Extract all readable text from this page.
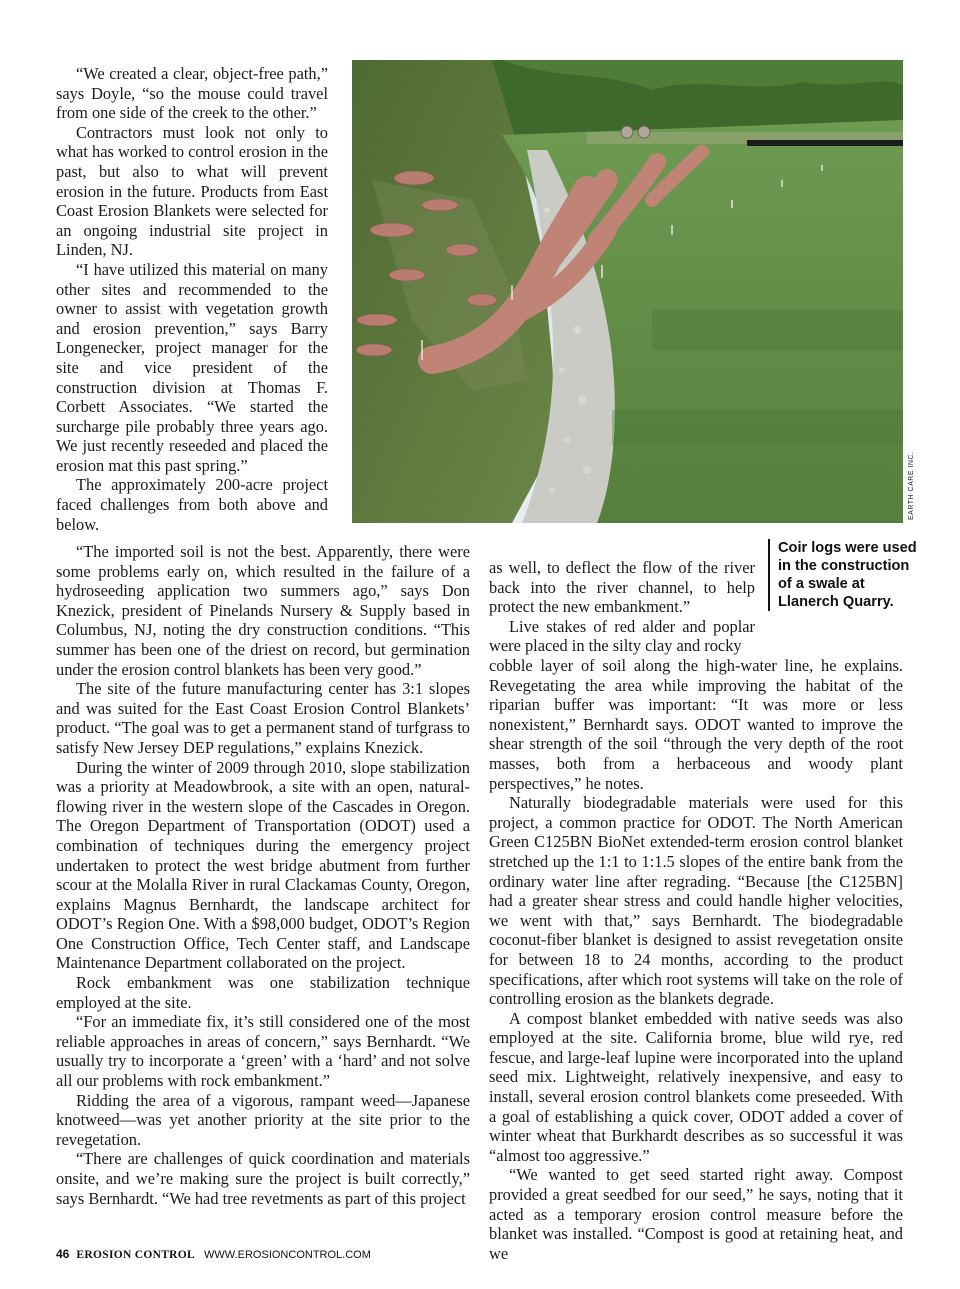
“We created a clear, object-free path,” says Doyle, “so the mouse could travel from one side of the creek to the other.”

Contractors must look not only to what has worked to control erosion in the past, but also to what will prevent erosion in the future. Products from East Coast Erosion Blankets were selected for an ongoing industrial site project in Linden, NJ.

“I have utilized this material on many other sites and recommended to the owner to assist with vegetation growth and erosion prevention,” says Barry Longenecker, project manager for the site and vice president of the construction division at Thomas F. Corbett Associates. “We started the surcharge pile probably three years ago. We just recently reseeded and placed the erosion mat this past spring.”

The approximately 200-acre project faced challenges from both above and below.

EARTH CARE INC.
Coir logs were used in the construction of a swale at Llanerch Quarry.

“The imported soil is not the best. Apparently, there were some problems early on, which resulted in the failure of a hydroseeding application two summers ago,” says Don Knezick, president of Pinelands Nursery & Supply based in Columbus, NJ, noting the dry construction conditions. “This summer has been one of the driest on record, but germination under the erosion control blankets has been very good.”

The site of the future manufacturing center has 3:1 slopes and was suited for the East Coast Erosion Control Blankets’ product. “The goal was to get a permanent stand of turfgrass to satisfy New Jersey DEP regulations,” explains Knezick.

During the winter of 2009 through 2010, slope stabilization was a priority at Meadowbrook, a site with an open, natural-flowing river in the western slope of the Cascades in Oregon. The Oregon Department of Transportation (ODOT) used a combination of techniques during the emergency project undertaken to protect the west bridge abutment from further scour at the Molalla River in rural Clackamas County, Oregon, explains Magnus Bernhardt, the landscape architect for ODOT’s Region One. With a $98,000 budget, ODOT’s Region One Construction Office, Tech Center staff, and Landscape Maintenance Department collaborated on the project.

Rock embankment was one stabilization technique employed at the site.

“For an immediate fix, it’s still considered one of the most reliable approaches in areas of concern,” says Bernhardt. “We usually try to incorporate a ‘green’ with a ‘hard’ and not solve all our problems with rock embankment.”

Ridding the area of a vigorous, rampant weed—Japanese knotweed—was yet another priority at the site prior to the revegetation.

“There are challenges of quick coordination and materials onsite, and we’re making sure the project is built correctly,” says Bernhardt. “We had tree revetments as part of this project

as well, to deflect the flow of the river back into the river channel, to help protect the new embankment.”

Live stakes of red alder and poplar were placed in the silty clay and rocky

cobble layer of soil along the high-water line, he explains. Revegetating the area while improving the habitat of the riparian buffer was important: “It was more or less nonexistent,” Bernhardt says. ODOT wanted to improve the shear strength of the soil “through the very depth of the root masses, both from a herbaceous and woody plant perspectives,” he notes.

Naturally biodegradable materials were used for this project, a common practice for ODOT. The North American Green C125BN BioNet extended-term erosion control blanket stretched up the 1:1 to 1:1.5 slopes of the entire bank from the ordinary water line after regrading. “Because [the C125BN] had a greater shear stress and could handle higher velocities, we went with that,” says Bernhardt. The biodegradable coconut-fiber blanket is designed to assist revegetation onsite for between 18 to 24 months, according to the product specifications, after which root systems will take on the role of controlling erosion as the blankets degrade.

A compost blanket embedded with native seeds was also employed at the site. California brome, blue wild rye, red fescue, and large-leaf lupine were incorporated into the upland seed mix. Lightweight, relatively inexpensive, and easy to install, several erosion control blankets come preseeded. With a goal of establishing a quick cover, ODOT added a cover of winter wheat that Burkhardt describes as so successful it was “almost too aggressive.”

“We wanted to get seed started right away. Compost provided a great seedbed for our seed,” he says, noting that it acted as a temporary erosion control measure before the blanket was installed. “Compost is good at retaining heat, and we

46 EROSION CONTROL WWW.EROSIONCONTROL.COM
